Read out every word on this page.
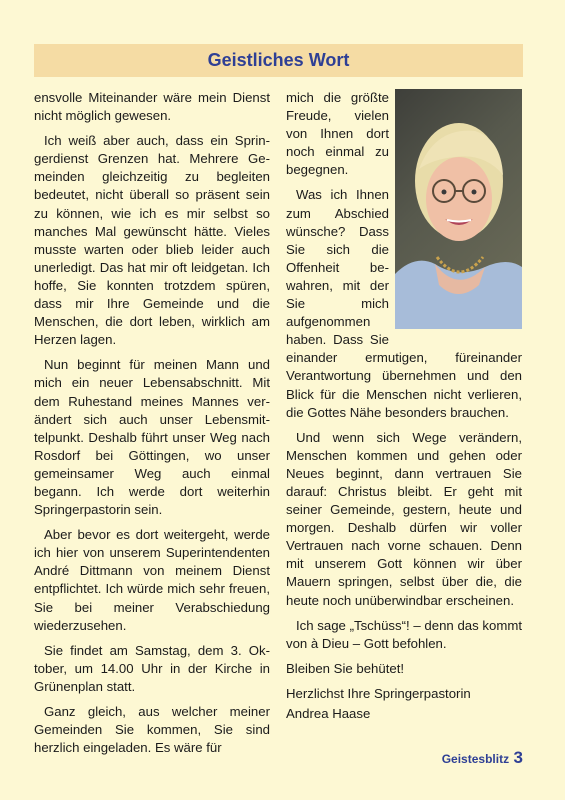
Geistliches Wort

ensvolle Miteinander wäre mein Dienst nicht möglich gewesen.

Ich weiß aber auch, dass ein Springerdienst Grenzen hat. Mehrere Gemeinden gleichzeitig zu begleiten bedeutet, nicht überall so präsent sein zu können, wie ich es mir selbst so manches Mal gewünscht hätte. Vieles musste warten oder blieb leider auch unerledigt. Das hat mir oft leidgetan. Ich hoffe, Sie konnten trotzdem spüren, dass mir Ihre Gemeinde und die Menschen, die dort leben, wirklich am Herzen lagen.

Nun beginnt für meinen Mann und mich ein neuer Lebensabschnitt. Mit dem Ruhestand meines Mannes verändert sich auch unser Lebensmittelpunkt. Deshalb führt unser Weg nach Rosdorf bei Göttingen, wo unser gemeinsamer Weg auch einmal begann. Ich werde dort weiterhin Springerpastorin sein.

Aber bevor es dort weitergeht, werde ich hier von unserem Superintendenten André Dittmann von meinem Dienst entpflichtet. Ich würde mich sehr freuen, Sie bei meiner Verabschiedung wiederzusehen.

Sie findet am Samstag, dem 3. Oktober, um 14.00 Uhr in der Kirche in Grünenplan statt.

Ganz gleich, aus welcher meiner Gemeinden Sie kommen, Sie sind herzlich eingeladen. Es wäre für

mich die größte Freude, vielen von Ihnen dort noch einmal zu begegnen.

Was ich Ihnen zum Abschied wünsche? Dass Sie sich die Offenheit bewahren, mit der Sie mich aufgenommen haben. Dass Sie einander ermutigen, füreinander Verantwortung übernehmen und den Blick für die Menschen nicht verlieren, die Gottes Nähe besonders brauchen.

Und wenn sich Wege verändern, Menschen kommen und gehen oder Neues beginnt, dann vertrauen Sie darauf: Christus bleibt. Er geht mit seiner Gemeinde, gestern, heute und morgen. Deshalb dürfen wir voller Vertrauen nach vorne schauen. Denn mit unserem Gott können wir über Mauern springen, selbst über die, die heute noch unüberwindbar erscheinen.

Ich sage „Tschüss“! – denn das kommt von à Dieu – Gott befohlen.

Bleiben Sie behütet!

Herzlichst Ihre Springerpastorin

Andrea Haase

Geistesblitz 3
